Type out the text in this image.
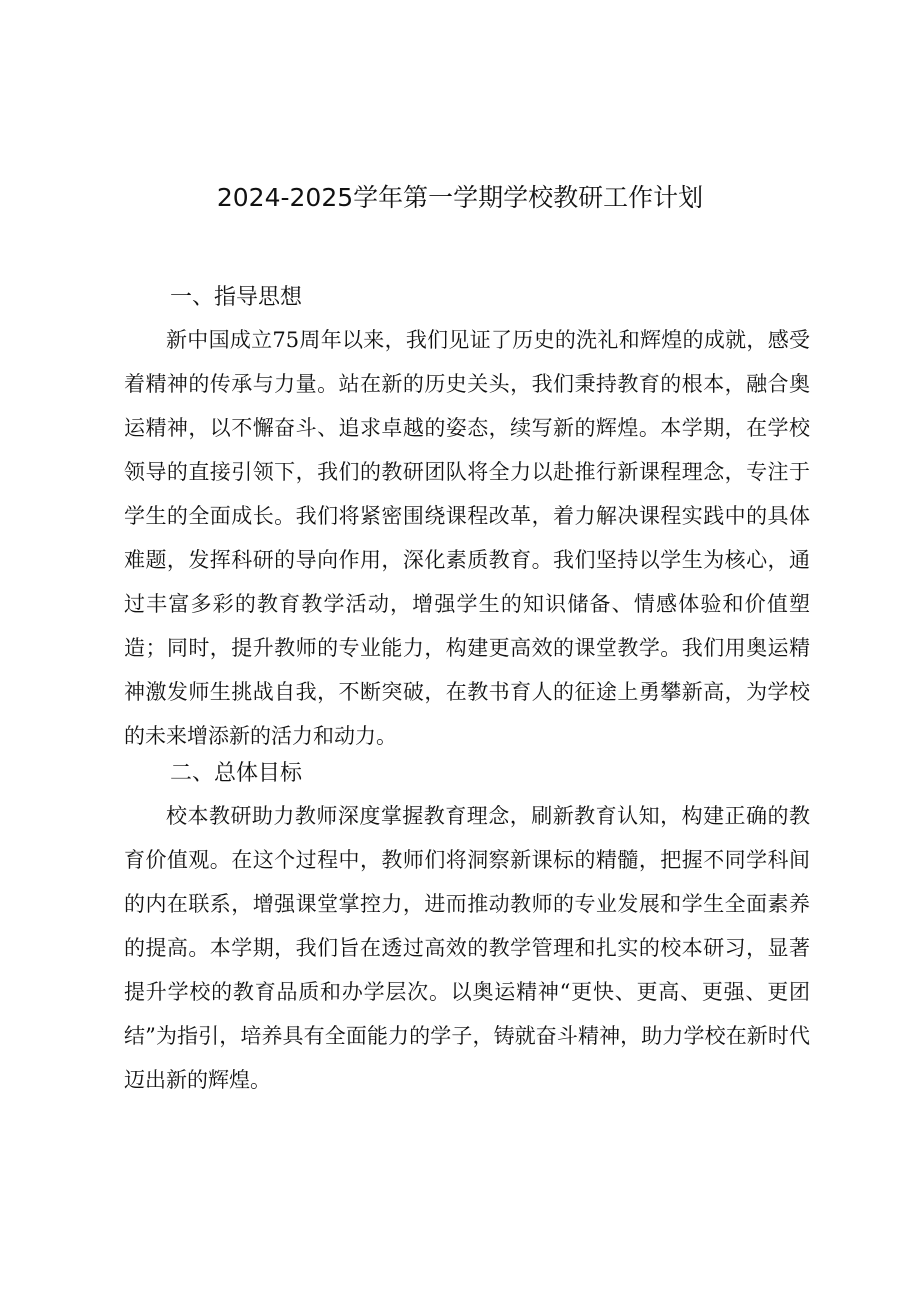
2024-2025学年第一学期学校教研工作计划
一、指导思想

新中国成立75周年以来，我们见证了历史的洗礼和辉煌的成就，感受着精神的传承与力量。站在新的历史关头，我们秉持教育的根本，融合奥运精神，以不懈奋斗、追求卓越的姿态，续写新的辉煌。本学期，在学校领导的直接引领下，我们的教研团队将全力以赴推行新课程理念，专注于学生的全面成长。我们将紧密围绕课程改革，着力解决课程实践中的具体难题，发挥科研的导向作用，深化素质教育。我们坚持以学生为核心，通过丰富多彩的教育教学活动，增强学生的知识储备、情感体验和价值塑造；同时，提升教师的专业能力，构建更高效的课堂教学。我们用奥运精神激发师生挑战自我，不断突破，在教书育人的征途上勇攀新高，为学校的未来增添新的活力和动力。

二、总体目标

校本教研助力教师深度掌握教育理念，刷新教育认知，构建正确的教育价值观。在这个过程中，教师们将洞察新课标的精髓，把握不同学科间的内在联系，增强课堂掌控力，进而推动教师的专业发展和学生全面素养的提高。本学期，我们旨在透过高效的教学管理和扎实的校本研习，显著提升学校的教育品质和办学层次。以奥运精神“更快、更高、更强、更团结”为指引，培养具有全面能力的学子，铸就奋斗精神，助力学校在新时代迈出新的辉煌。
